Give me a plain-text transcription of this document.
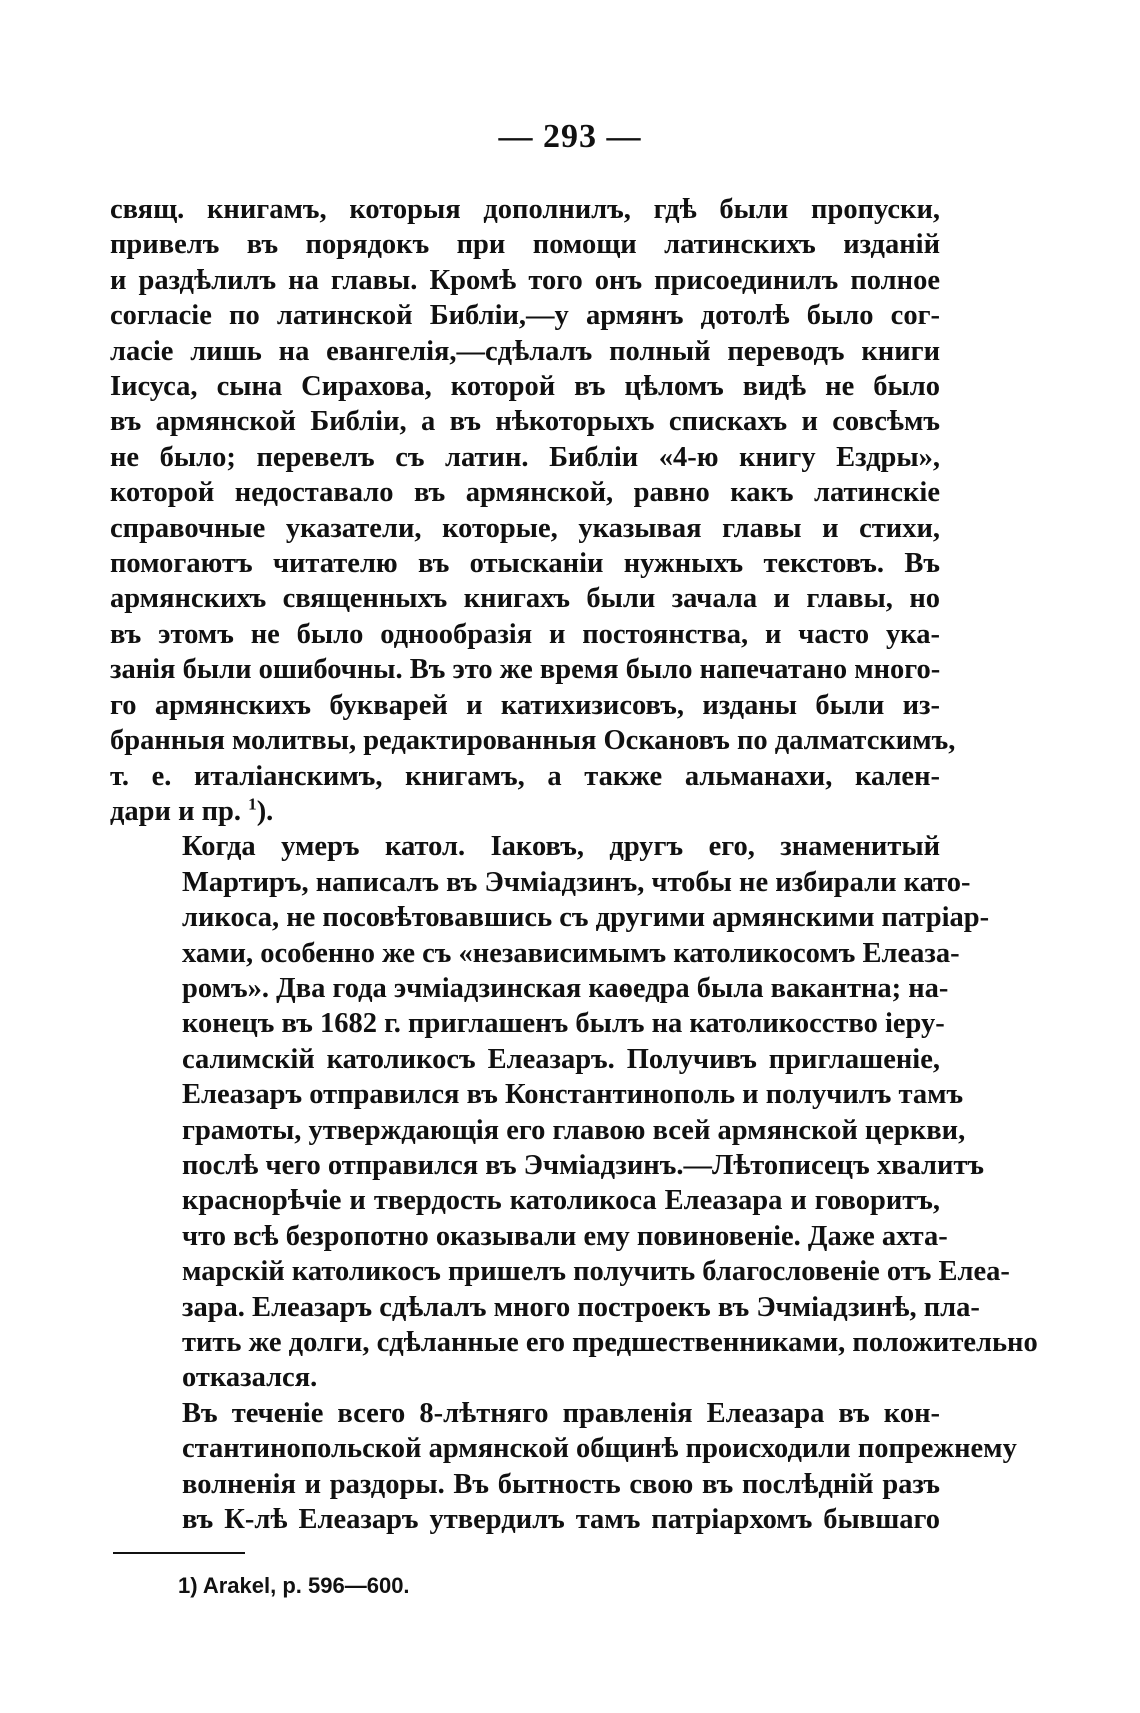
— 293 —

свящ. книгамъ, которыя дополнилъ, гдѣ были пропуски,
привелъ въ порядокъ при помощи латинскихъ изданій
и раздѣлилъ на главы. Кромѣ того онъ присоединилъ полное
согласіе по латинской Библіи,—у армянъ дотолѣ было сог-
ласіе лишь на евангелія,—сдѣлалъ полный переводъ книги
Іисуса, сына Сирахова, которой въ цѣломъ видѣ не было
въ армянской Библіи, а въ нѣкоторыхъ спискахъ и совсѣмъ
не было; перевелъ съ латин. Библіи «4-ю книгу Ездры»,
которой недоставало въ армянской, равно какъ латинскіе
справочные указатели, которые, указывая главы и стихи,
помогаютъ читателю въ отысканіи нужныхъ текстовъ. Въ
армянскихъ священныхъ книгахъ были зачала и главы, но
въ этомъ не было однообразія и постоянства, и часто ука-
занія были ошибочны. Въ это же время было напечатано много-
го армянскихъ букварей и катихизисовъ, изданы были из-
бранныя молитвы, редактированныя Оскановъ по далматскимъ,
т. е. италіанскимъ, книгамъ, а также альманахи, кален-
дари и пр. $^1$).

Когда умеръ катол. Іаковъ, другъ его, знаменитый
Мартиръ, написалъ въ Эчміадзинъ, чтобы не избирали като-
ликоса, не посовѣтовавшись съ другими армянскими патріар-
хами, особенно же съ «независимымъ католикосомъ Елеаза-
ромъ». Два года эчміадзинская каѳедра была вакантна; на-
конецъ въ 1682 г. приглашенъ былъ на католикосство іеру-
салимскій католикосъ Елеазаръ. Получивъ приглашеніе,
Елеазаръ отправился въ Константинополь и получилъ тамъ
грамоты, утверждающія его главою всей армянской церкви,
послѣ чего отправился въ Эчміадзинъ.—Лѣтописецъ хвалитъ
краснорѣчіе и твердость католикоса Елеазара и говоритъ,
что всѣ безропотно оказывали ему повиновеніе. Даже ахта-
марскій католикосъ пришелъ получить благословеніе отъ Елеа-
зара. Елеазаръ сдѣлалъ много построекъ въ Эчміадзинѣ, пла-
тить же долги, сдѣланные его предшественниками, положительно
отказался.

Въ теченіе всего 8-лѣтняго правленія Елеазара въ кон-
стантинопольской армянской общинѣ происходили попрежнему
волненія и раздоры. Въ бытность свою въ послѣдній разъ
въ К-лѣ Елеазаръ утвердилъ тамъ патріархомъ бывшаго

1) Arakel, p. 596—600.
